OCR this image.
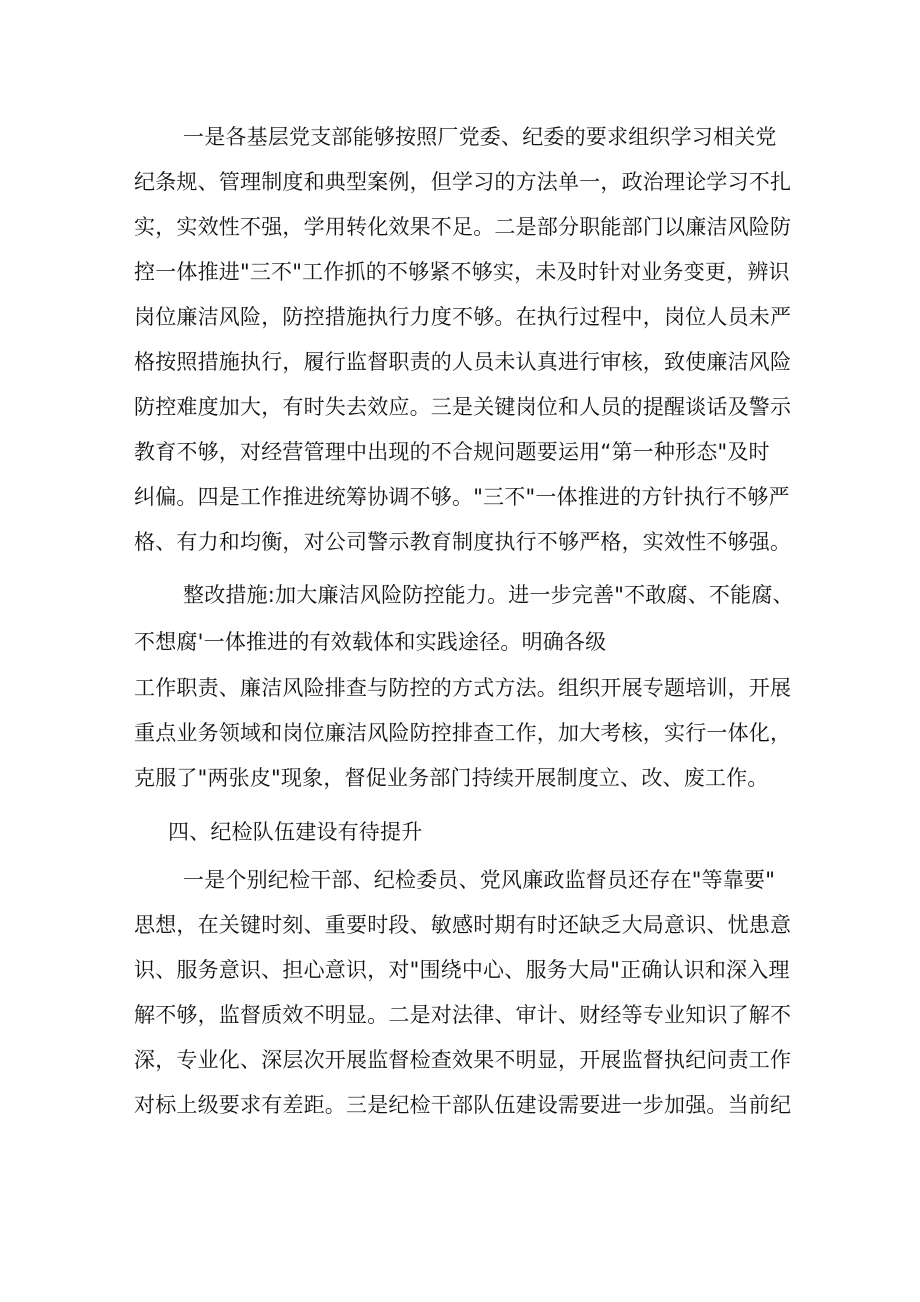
一是各基层党支部能够按照厂党委、纪委的要求组织学习相关党
纪条规、管理制度和典型案例，但学习的方法单一，政治理论学习不扎
实，实效性不强，学用转化效果不足。二是部分职能部门以廉洁风险防
控一体推进"三不"工作抓的不够紧不够实，未及时针对业务变更，辨识
岗位廉洁风险，防控措施执行力度不够。在执行过程中，岗位人员未严
格按照措施执行，履行监督职责的人员未认真进行审核，致使廉洁风险
防控难度加大，有时失去效应。三是关键岗位和人员的提醒谈话及警示
教育不够，对经营管理中出现的不合规问题要运用“第一种形态"及时
纠偏。四是工作推进统筹协调不够。"三不"一体推进的方针执行不够严
格、有力和均衡，对公司警示教育制度执行不够严格，实效性不够强。
整改措施:加大廉洁风险防控能力。进一步完善"不敢腐、不能腐、
不想腐'一体推进的有效载体和实践途径。明确各级
工作职责、廉洁风险排查与防控的方式方法。组织开展专题培训，开展
重点业务领域和岗位廉洁风险防控排查工作，加大考核，实行一体化，
克服了"两张皮"现象，督促业务部门持续开展制度立、改、废工作。
四、纪检队伍建设有待提升
一是个别纪检干部、纪检委员、党风廉政监督员还存在"等靠要"
思想，在关键时刻、重要时段、敏感时期有时还缺乏大局意识、忧患意
识、服务意识、担心意识，对"围绕中心、服务大局"正确认识和深入理
解不够，监督质效不明显。二是对法律、审计、财经等专业知识了解不
深，专业化、深层次开展监督检查效果不明显，开展监督执纪问责工作
对标上级要求有差距。三是纪检干部队伍建设需要进一步加强。当前纪
